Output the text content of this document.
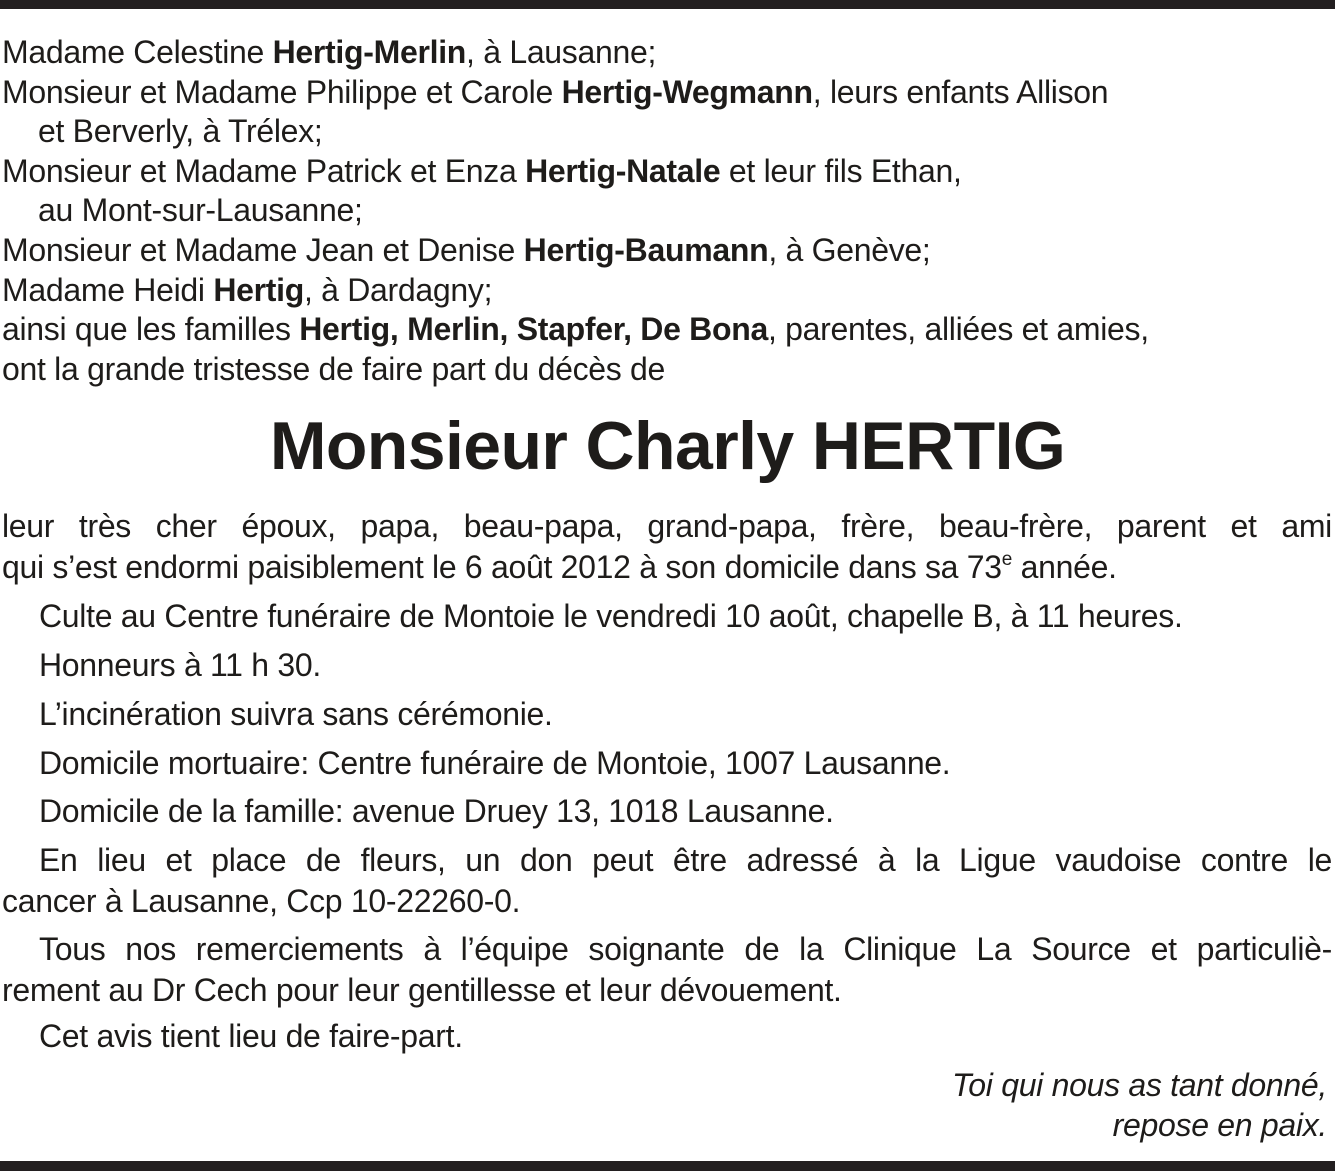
Madame Celestine Hertig-Merlin, à Lausanne;
Monsieur et Madame Philippe et Carole Hertig-Wegmann, leurs enfants Allison
et Berverly, à Trélex;
Monsieur et Madame Patrick et Enza Hertig-Natale et leur fils Ethan,
au Mont-sur-Lausanne;
Monsieur et Madame Jean et Denise Hertig-Baumann, à Genève;
Madame Heidi Hertig, à Dardagny;
ainsi que les familles Hertig, Merlin, Stapfer, De Bona, parentes, alliées et amies,
ont la grande tristesse de faire part du décès de
Monsieur Charly HERTIG
leur très cher époux, papa, beau-papa, grand-papa, frère, beau-frère, parent et ami
qui s’est endormi paisiblement le 6 août 2012 à son domicile dans sa 73e année.
Culte au Centre funéraire de Montoie le vendredi 10 août, chapelle B, à 11 heures.
Honneurs à 11 h 30.
L’incinération suivra sans cérémonie.
Domicile mortuaire: Centre funéraire de Montoie, 1007 Lausanne.
Domicile de la famille: avenue Druey 13, 1018 Lausanne.
En lieu et place de fleurs, un don peut être adressé à la Ligue vaudoise contre le
cancer à Lausanne, Ccp 10-22260-0.
Tous nos remerciements à l’équipe soignante de la Clinique La Source et particuliè-
rement au Dr Cech pour leur gentillesse et leur dévouement.
Cet avis tient lieu de faire-part.
Toi qui nous as tant donné,
repose en paix.
